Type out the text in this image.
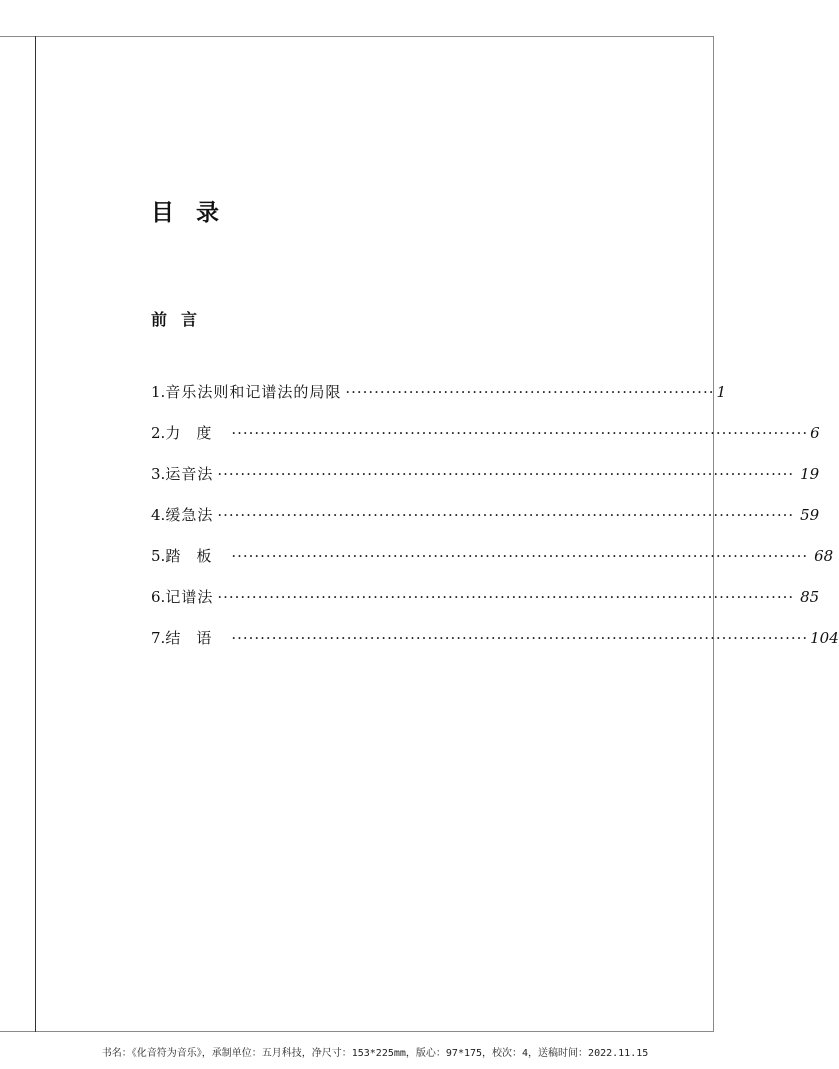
目录
前言
1. 音乐法则和记谱法的局限 ································································ 1
2. 力度 ···································································································· 6
3. 运音法 ···································································································· 19
4. 缓急法 ···································································································· 59
5. 踏板 ···································································································· 68
6. 记谱法 ···································································································· 85
7. 结语 ···································································································· 104
书名：《化音符为音乐》，承制单位：五月科技，净尺寸：153*225mm，版心：97*175，校次：4，送稿时间：2022.11.15
